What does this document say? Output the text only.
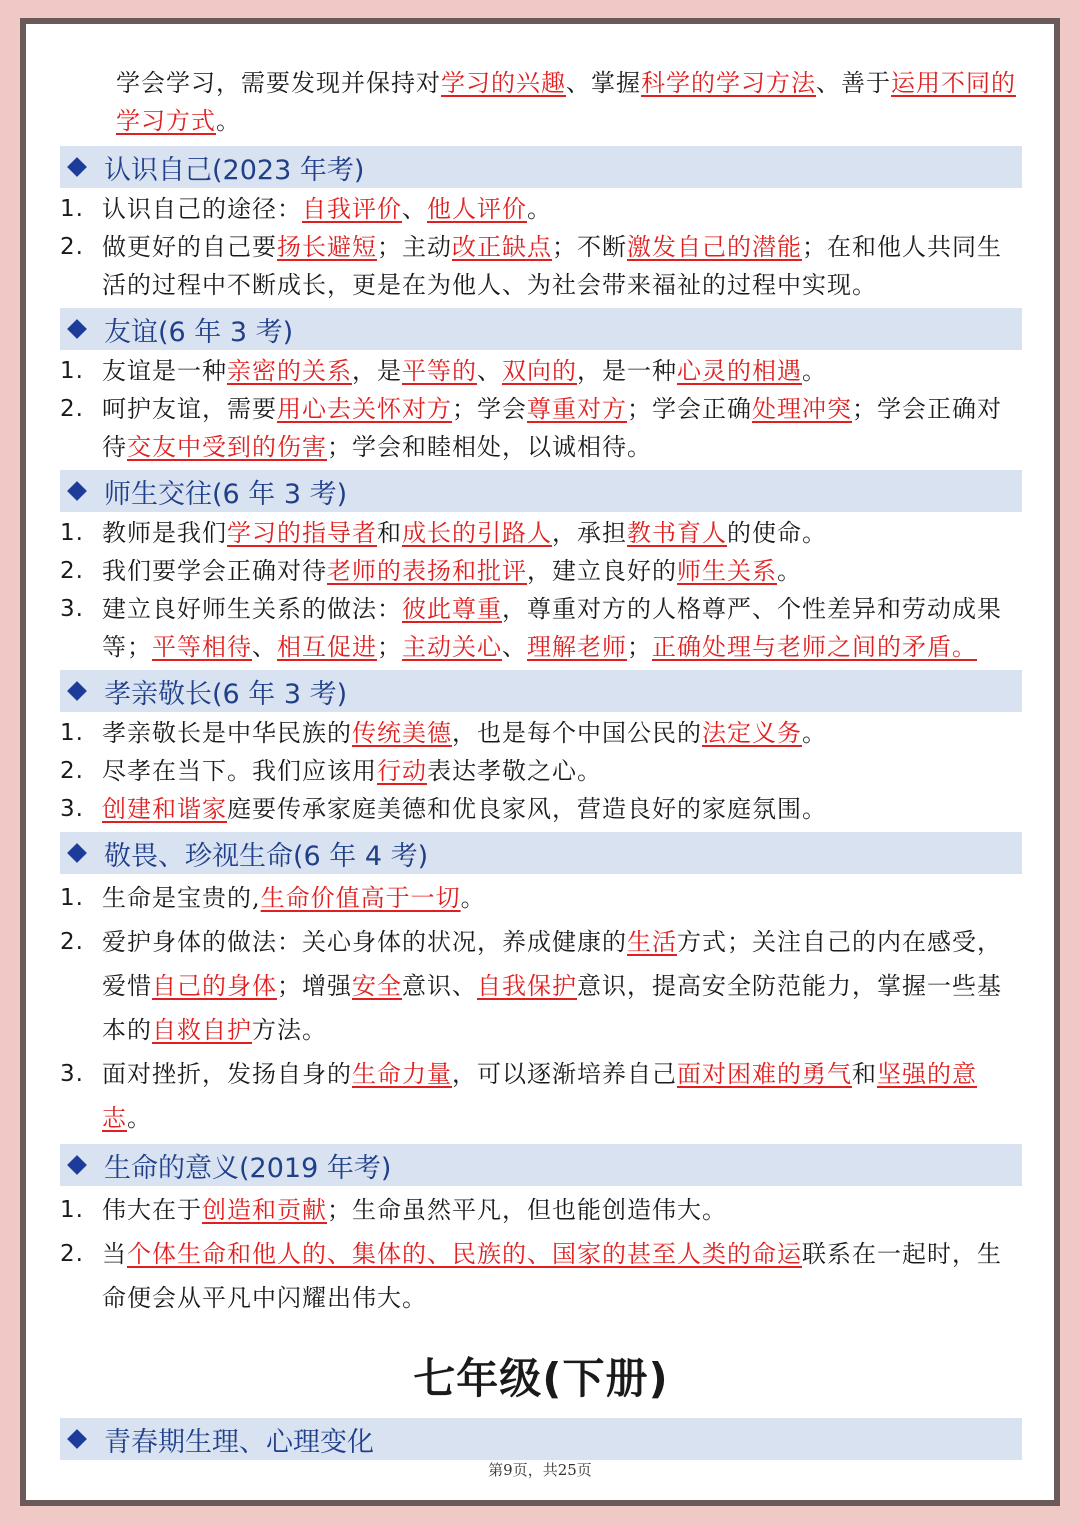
学会学习，需要发现并保持对学习的兴趣、掌握科学的学习方法、善于运用不同的学习方式。

认识自己(2023 年考)
1. 认识自己的途径：自我评价、他人评价。
2. 做更好的自己要扬长避短；主动改正缺点；不断激发自己的潜能；在和他人共同生活的过程中不断成长，更是在为他人、为社会带来福祉的过程中实现。
友谊(6 年 3 考)
1. 友谊是一种亲密的关系，是平等的、双向的，是一种心灵的相遇。
2. 呵护友谊，需要用心去关怀对方；学会尊重对方；学会正确处理冲突；学会正确对待交友中受到的伤害；学会和睦相处，以诚相待。
师生交往(6 年 3 考)
1. 教师是我们学习的指导者和成长的引路人，承担教书育人的使命。
2. 我们要学会正确对待老师的表扬和批评，建立良好的师生关系。
3. 建立良好师生关系的做法：彼此尊重，尊重对方的人格尊严、个性差异和劳动成果等；平等相待、相互促进；主动关心、理解老师；正确处理与老师之间的矛盾。
孝亲敬长(6 年 3 考)
1. 孝亲敬长是中华民族的传统美德，也是每个中国公民的法定义务。
2. 尽孝在当下。我们应该用行动表达孝敬之心。
3. 创建和谐家庭要传承家庭美德和优良家风，营造良好的家庭氛围。
敬畏、珍视生命(6 年 4 考)
1. 生命是宝贵的,生命价值高于一切。
2. 爱护身体的做法：关心身体的状况，养成健康的生活方式；关注自己的内在感受，爱惜自己的身体；增强安全意识、自我保护意识，提高安全防范能力，掌握一些基本的自救自护方法。
3. 面对挫折，发扬自身的生命力量，可以逐渐培养自己面对困难的勇气和坚强的意志。
生命的意义(2019 年考)
1. 伟大在于创造和贡献；生命虽然平凡，但也能创造伟大。
2. 当个体生命和他人的、集体的、民族的、国家的甚至人类的命运联系在一起时，生命便会从平凡中闪耀出伟大。
七年级(下册)
青春期生理、心理变化
第9页，共25页
